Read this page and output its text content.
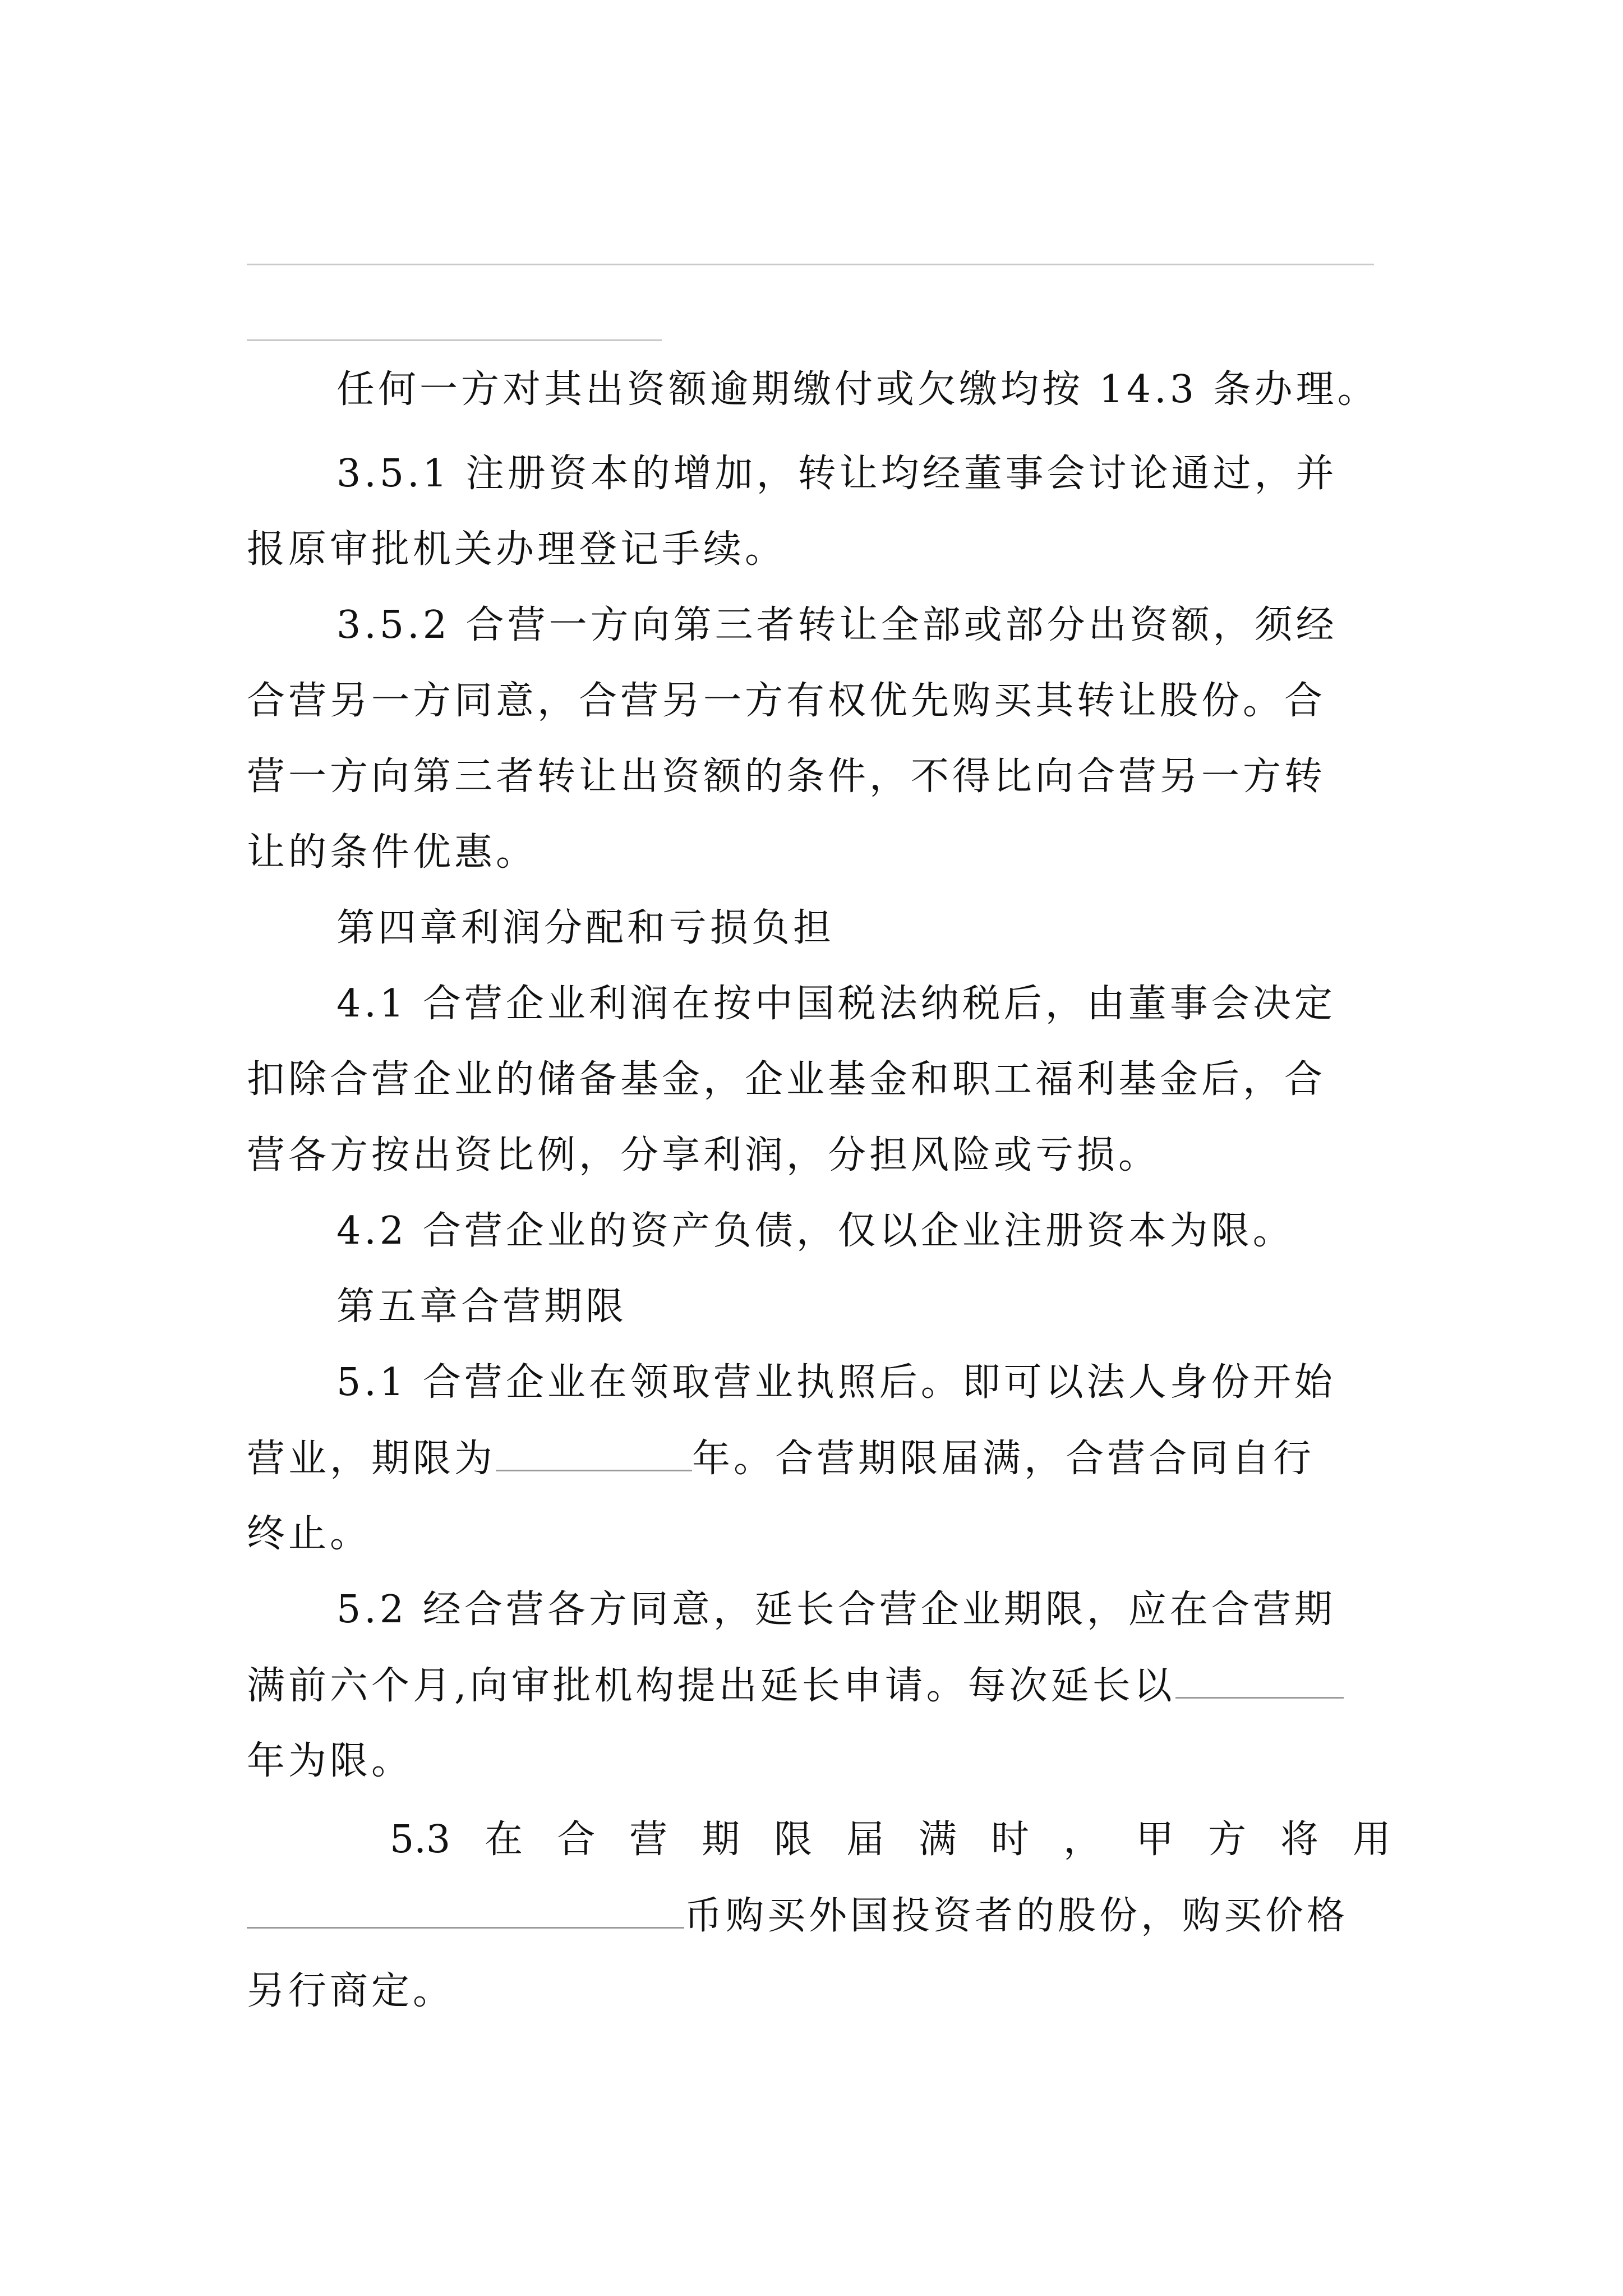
任何一方对其出资额逾期缴付或欠缴均按 14.3 条办理。
3.5.1 注册资本的增加，转让均经董事会讨论通过，并
报原审批机关办理登记手续。
3.5.2 合营一方向第三者转让全部或部分出资额，须经
合营另一方同意，合营另一方有权优先购买其转让股份。合
营一方向第三者转让出资额的条件，不得比向合营另一方转
让的条件优惠。
第四章利润分配和亏损负担
4.1 合营企业利润在按中国税法纳税后，由董事会决定
扣除合营企业的储备基金，企业基金和职工福利基金后，合
营各方按出资比例，分享利润，分担风险或亏损。
4.2 合营企业的资产负债，仅以企业注册资本为限。
第五章合营期限
5.1 合营企业在领取营业执照后。即可以法人身份开始
营业，期限为	年。合营期限届满，合营合同自行
终止。
5.2 经合营各方同意，延长合营企业期限，应在合营期
满前六个月,向审批机构提出延长申请。每次延长以
年为限。
5.3 在 合 营 期 限 届 满 时 ， 甲 方 将 用
币购买外国投资者的股份，购买价格
另行商定。
